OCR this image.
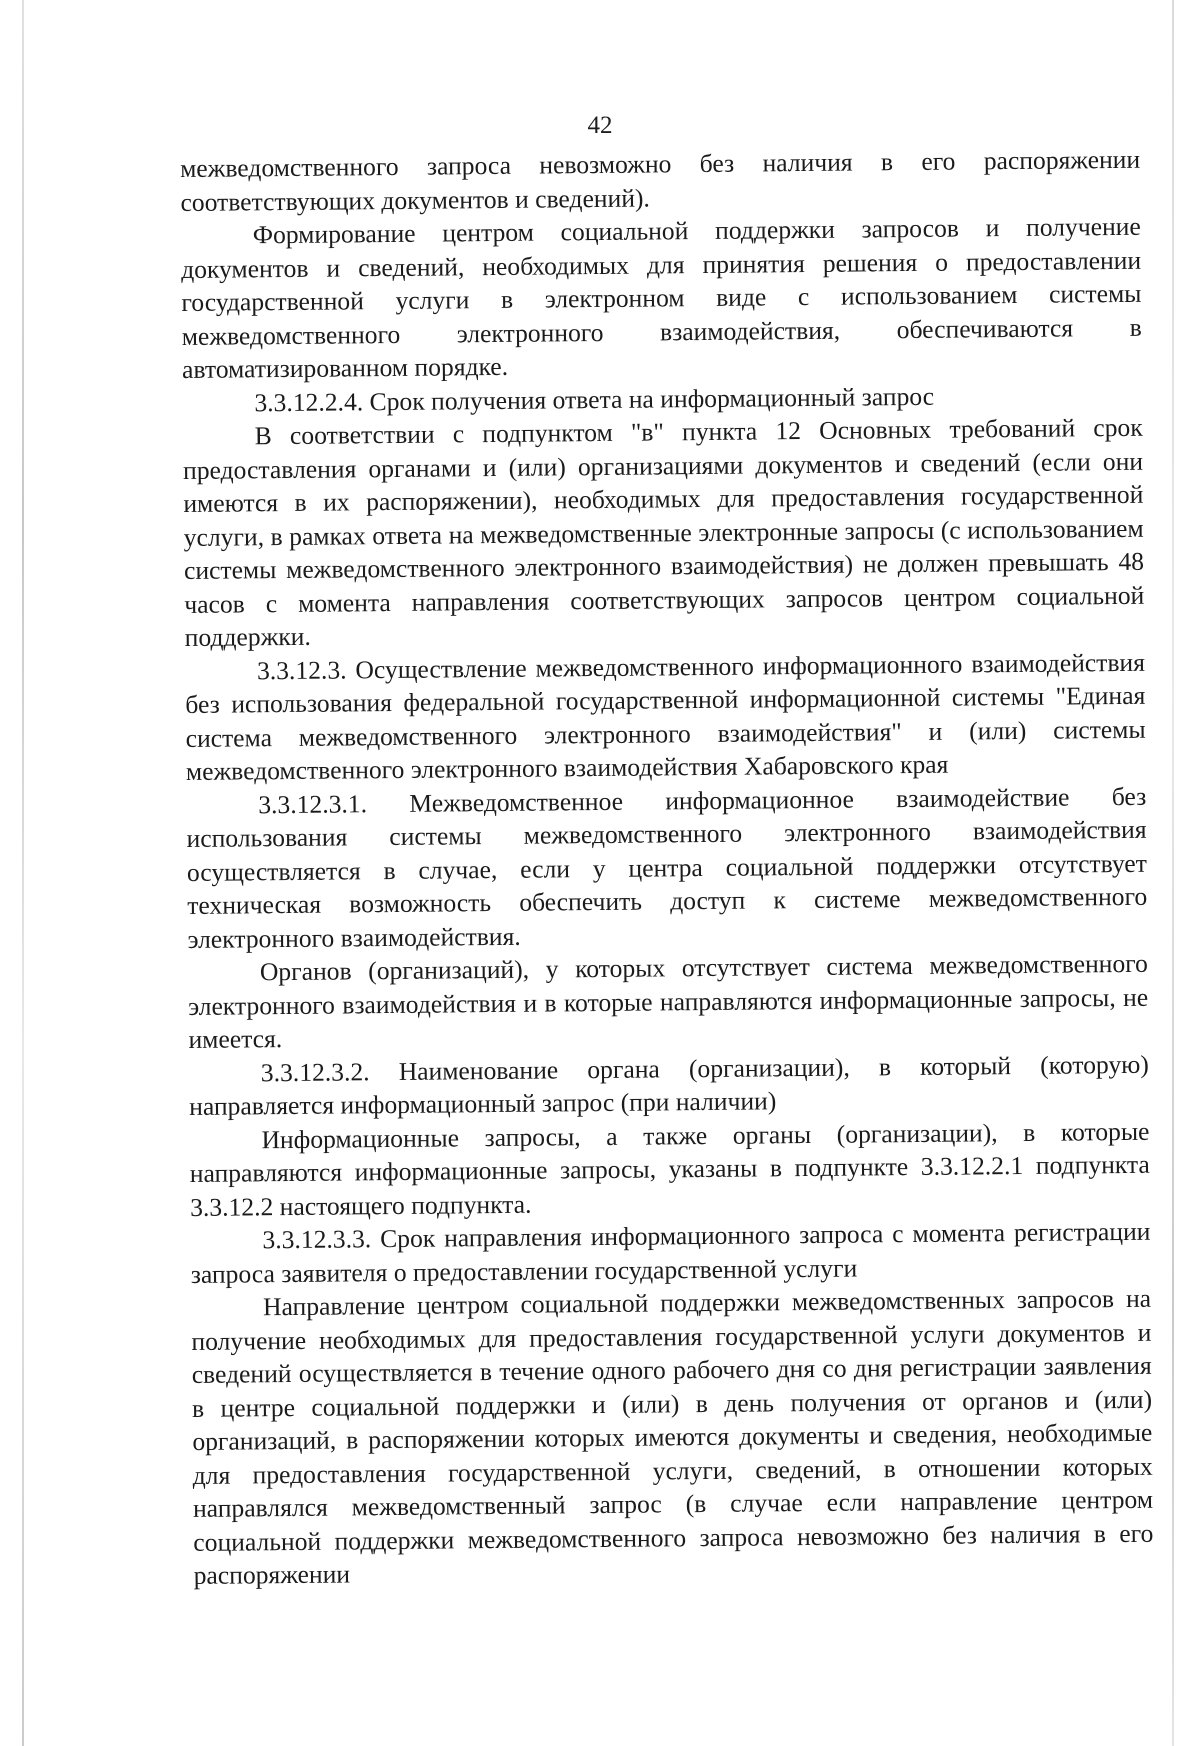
42

межведомственного запроса невозможно без наличия в его распоряжении соответствующих документов и сведений).

Формирование центром социальной поддержки запросов и получение документов и сведений, необходимых для принятия решения о предоставлении государственной услуги в электронном виде с использованием системы межведомственного электронного взаимодействия, обеспечиваются в автоматизированном порядке.

3.3.12.2.4. Срок получения ответа на информационный запрос

В соответствии с подпунктом "в" пункта 12 Основных требований срок предоставления органами и (или) организациями документов и сведений (если они имеются в их распоряжении), необходимых для предоставления государственной услуги, в рамках ответа на межведомственные электронные запросы (с использованием системы межведомственного электронного взаимодействия) не должен превышать 48 часов с момента направления соответствующих запросов центром социальной поддержки.

3.3.12.3. Осуществление межведомственного информационного взаимодействия без использования федеральной государственной информационной системы "Единая система межведомственного электронного взаимодействия" и (или) системы межведомственного электронного взаимодействия Хабаровского края

3.3.12.3.1. Межведомственное информационное взаимодействие без использования системы межведомственного электронного взаимодействия осуществляется в случае, если у центра социальной поддержки отсутствует техническая возможность обеспечить доступ к системе межведомственного электронного взаимодействия.

Органов (организаций), у которых отсутствует система межведомственного электронного взаимодействия и в которые направляются информационные запросы, не имеется.

3.3.12.3.2. Наименование органа (организации), в который (которую) направляется информационный запрос (при наличии)

Информационные запросы, а также органы (организации), в которые направляются информационные запросы, указаны в подпункте 3.3.12.2.1 подпункта 3.3.12.2 настоящего подпункта.

3.3.12.3.3. Срок направления информационного запроса с момента регистрации запроса заявителя о предоставлении государственной услуги

Направление центром социальной поддержки межведомственных запросов на получение необходимых для предоставления государственной услуги документов и сведений осуществляется в течение одного рабочего дня со дня регистрации заявления в центре социальной поддержки и (или) в день получения от органов и (или) организаций, в распоряжении которых имеются документы и сведения, необходимые для предоставления государственной услуги, сведений, в отношении которых направлялся межведомственный запрос (в случае если направление центром социальной поддержки межведомственного запроса невозможно без наличия в его распоряжении
